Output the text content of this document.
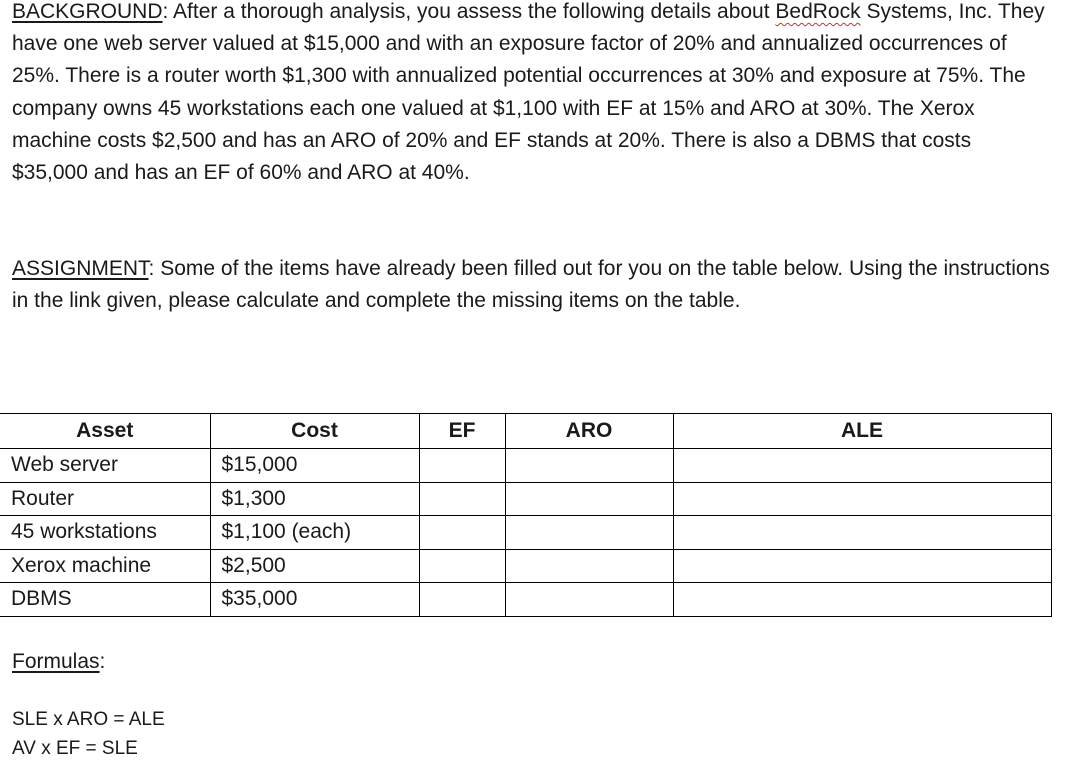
BACKGROUND: After a thorough analysis, you assess the following details about BedRock Systems, Inc. They have one web server valued at $15,000 and with an exposure factor of 20% and annualized occurrences of 25%. There is a router worth $1,300 with annualized potential occurrences at 30% and exposure at 75%. The company owns 45 workstations each one valued at $1,100 with EF at 15% and ARO at 30%. The Xerox machine costs $2,500 and has an ARO of 20% and EF stands at 20%. There is also a DBMS that costs $35,000 and has an EF of 60% and ARO at 40%.

ASSIGNMENT: Some of the items have already been filled out for you on the table below. Using the instructions in the link given, please calculate and complete the missing items on the table.

Asset	Cost	EF	ARO	ALE
Web server	$15,000			
Router	$1,300			
45 workstations	$1,100 (each)			
Xerox machine	$2,500			
DBMS	$35,000			

Formulas:

SLE x ARO = ALE

AV x EF = SLE
